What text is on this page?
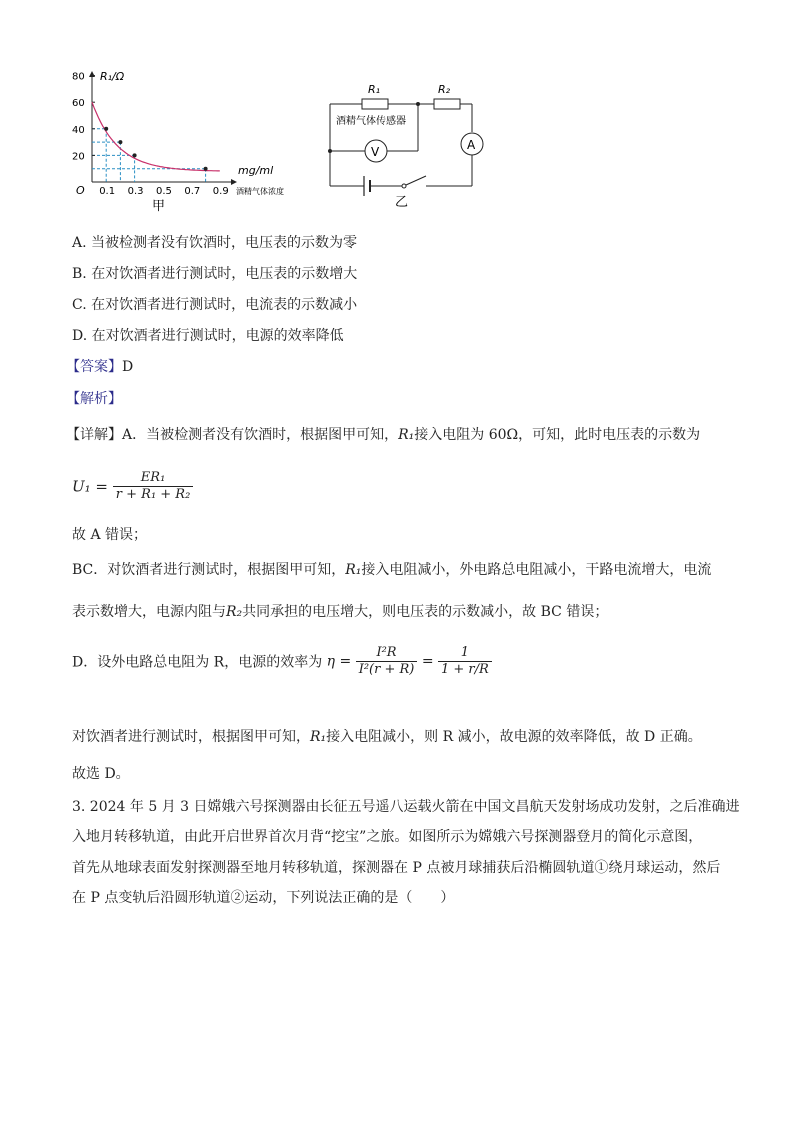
80
60
40
20
0.1 0.3 0.5 0.7 0.9
R₁/Ω
mg/ml
酒精气体浓度
O
甲
A
V
R₁	R₂
酒精气体传感器
乙
A. 当被检测者没有饮酒时，电压表的示数为零
B. 在对饮酒者进行测试时，电压表的示数增大
C. 在对饮酒者进行测试时，电流表的示数减小
D. 在对饮酒者进行测试时，电源的效率降低
【答案】D
【解析】
【详解】A．当被检测者没有饮酒时，根据图甲可知，R₁接入电阻为 60Ω，可知，此时电压表的示数为
$U_1 = \frac{\text{ER₁}}{\text{r + R₁ + R₂}}$
故 A 错误；
BC．对饮酒者进行测试时，根据图甲可知，R₁接入电阻减小，外电路总电阻减小，干路电流增大，电流
表示数增大，电源内阻与R₂共同承担的电压增大，则电压表的示数减小，故 BC 错误；
D．设外电路总电阻为 R，电源的效率为 $\eta = \frac{\text{I²R}}{\text{I²(r + R)}} = \frac{1}{1 + r/R}$
对饮酒者进行测试时，根据图甲可知，R₁接入电阻减小，则 R 减小，故电源的效率降低，故 D 正确。
故选 D。
3. 2024 年 5 月 3 日嫦娥六号探测器由长征五号遥八运载火箭在中国文昌航天发射场成功发射，之后准确进
入地月转移轨道，由此开启世界首次月背“挖宝”之旅。如图所示为嫦娥六号探测器登月的简化示意图，
首先从地球表面发射探测器至地月转移轨道，探测器在 P 点被月球捕获后沿椭圆轨道①绕月球运动，然后
在 P 点变轨后沿圆形轨道②运动，下列说法正确的是（　　）
